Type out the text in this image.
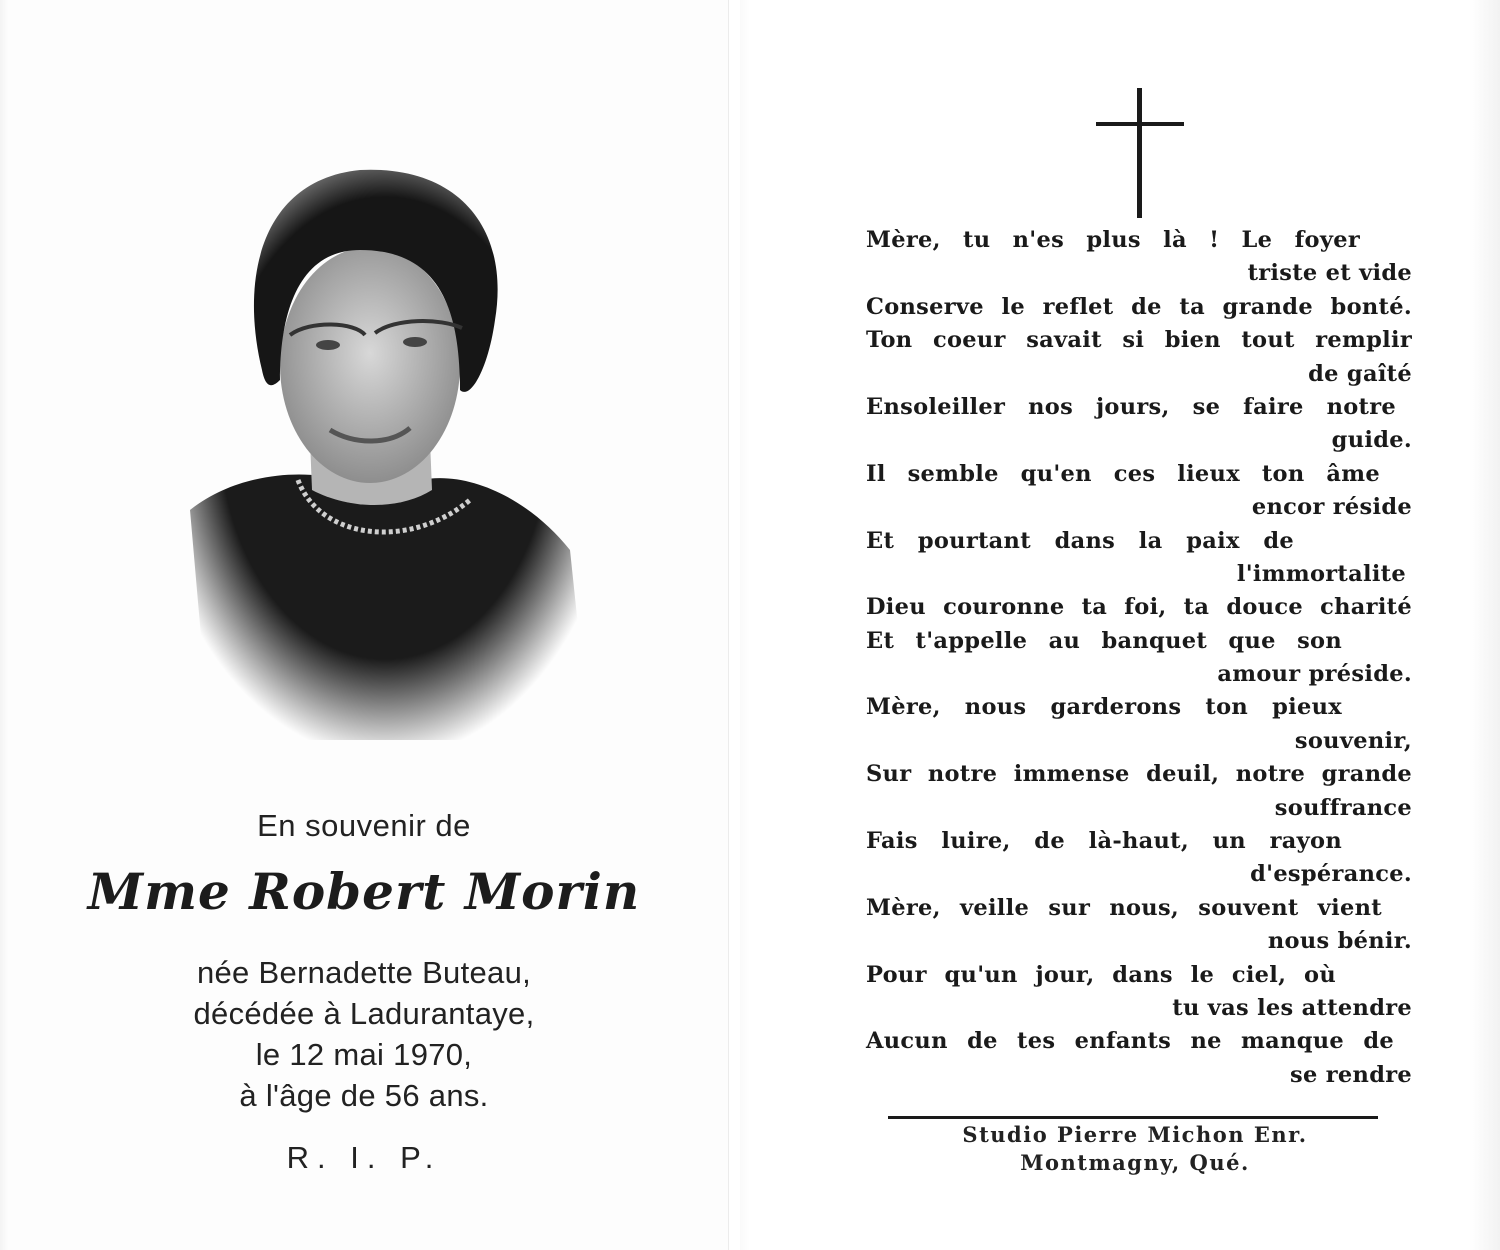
En souvenir de
Mme Robert Morin
née Bernadette Buteau,
décédée à Ladurantaye,
le 12 mai 1970,
à l'âge de 56 ans.
R. I. P.
Mère, tu n'es plus là ! Le foyer
triste et vide
Conserve le reflet de ta grande bonté.
Ton coeur savait si bien tout remplir
de gaîté
Ensoleiller nos jours, se faire notre
guide.
Il semble qu'en ces lieux ton âme
encor réside
Et pourtant dans la paix de
l'immortalite
Dieu couronne ta foi, ta douce charité
Et t'appelle au banquet que son
amour préside.
Mère, nous garderons ton pieux
souvenir,
Sur notre immense deuil, notre grande
souffrance
Fais luire, de là-haut, un rayon
d'espérance.
Mère, veille sur nous, souvent vient
nous bénir.
Pour qu'un jour, dans le ciel, où
tu vas les attendre
Aucun de tes enfants ne manque de
se rendre
Studio Pierre Michon Enr.
Montmagny, Qué.
